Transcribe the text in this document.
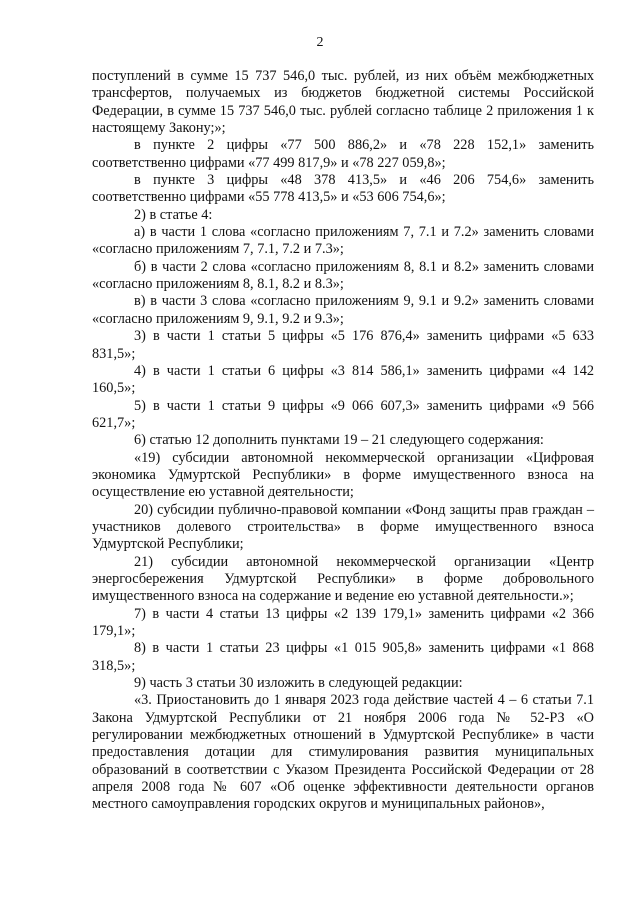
2

поступлений в сумме 15 737 546,0 тыс. рублей, из них объём межбюджетных трансфертов, получаемых из бюджетов бюджетной системы Российской Федерации, в сумме 15 737 546,0 тыс. рублей согласно таблице 2 приложения 1 к настоящему Закону;»;

в пункте 2 цифры «77 500 886,2» и «78 228 152,1» заменить соответственно цифрами «77 499 817,9» и «78 227 059,8»;

в пункте 3 цифры «48 378 413,5» и «46 206 754,6» заменить соответственно цифрами «55 778 413,5» и «53 606 754,6»;

2) в статье 4:

а) в части 1 слова «согласно приложениям 7, 7.1 и 7.2» заменить словами «согласно приложениям 7, 7.1, 7.2 и 7.3»;

б) в части 2 слова «согласно приложениям 8, 8.1 и 8.2» заменить словами «согласно приложениям 8, 8.1, 8.2 и 8.3»;

в) в части 3 слова «согласно приложениям 9, 9.1 и 9.2» заменить словами «согласно приложениям 9, 9.1, 9.2 и 9.3»;

3) в части 1 статьи 5 цифры «5 176 876,4» заменить цифрами «5 633 831,5»;

4) в части 1 статьи 6 цифры «3 814 586,1» заменить цифрами «4 142 160,5»;

5) в части 1 статьи 9 цифры «9 066 607,3» заменить цифрами «9 566 621,7»;

6) статью 12 дополнить пунктами 19 – 21 следующего содержания:

«19) субсидии автономной некоммерческой организации «Цифровая экономика Удмуртской Республики» в форме имущественного взноса на осуществление ею уставной деятельности;

20) субсидии публично-правовой компании «Фонд защиты прав граждан – участников долевого строительства» в форме имущественного взноса Удмуртской Республики;

21) субсидии автономной некоммерческой организации «Центр энергосбережения Удмуртской Республики» в форме добровольного имущественного взноса на содержание и ведение ею уставной деятельности.»;

7) в части 4 статьи 13 цифры «2 139 179,1» заменить цифрами «2 366 179,1»;

8) в части 1 статьи 23 цифры «1 015 905,8» заменить цифрами «1 868 318,5»;

9) часть 3 статьи 30 изложить в следующей редакции:

«3. Приостановить до 1 января 2023 года действие частей 4 – 6 статьи 7.1 Закона Удмуртской Республики от 21 ноября 2006 года № 52-РЗ «О регулировании межбюджетных отношений в Удмуртской Республике» в части предоставления дотации для стимулирования развития муниципальных образований в соответствии с Указом Президента Российской Федерации от 28 апреля 2008 года № 607 «Об оценке эффективности деятельности органов местного самоуправления городских округов и муниципальных районов»,
